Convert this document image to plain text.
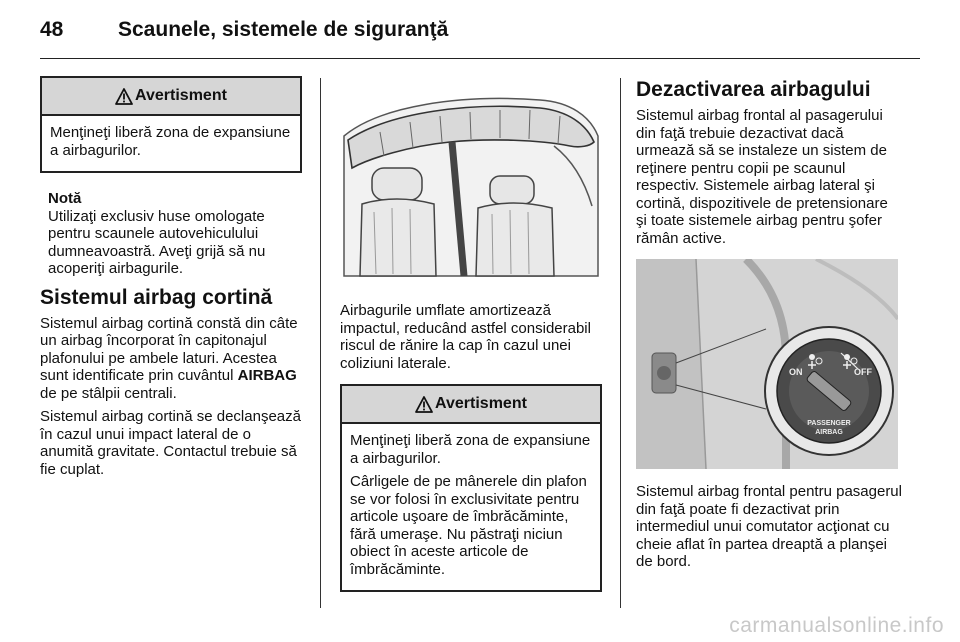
48	Scaunele, sistemele de siguranţă
Avertisment

Menţineţi liberă zona de expansiune a airbagurilor.

Notă

Utilizaţi exclusiv huse omologate pentru scaunele autovehiculului dumneavoastră. Aveţi grijă să nu acoperiţi airbagurile.

Sistemul airbag cortină

Sistemul airbag cortină constă din câte un airbag încorporat în capitonajul plafonului pe ambele laturi. Acestea sunt identificate prin cuvântul AIRBAG de pe stâlpii centrali.

Sistemul airbag cortină se declanşează în cazul unui impact lateral de o anumită gravitate. Contactul trebuie să fie cuplat.

Airbagurile umflate amortizează impactul, reducând astfel considerabil riscul de rănire la cap în cazul unei coliziuni laterale.

Avertisment

Menţineţi liberă zona de expansiune a airbagurilor.

Cârligele de pe mânerele din plafon se vor folosi în exclusivitate pentru articole uşoare de îmbrăcăminte, fără umeraşe. Nu păstraţi niciun obiect în aceste articole de îmbrăcăminte.

Dezactivarea airbagului

Sistemul airbag frontal al pasagerului din faţă trebuie dezactivat dacă urmează să se instaleze un sistem de reţinere pentru copii pe scaunul respectiv. Sistemele airbag lateral şi cortină, dispozitivele de pretensionare şi toate sistemele airbag pentru şofer rămân active.

ON	OFF
PASSENGER
AIRBAG

Sistemul airbag frontal pentru pasagerul din faţă poate fi dezactivat prin intermediul unui comutator acţionat cu cheie aflat în partea dreaptă a planşei de bord.

carmanualsonline.info
